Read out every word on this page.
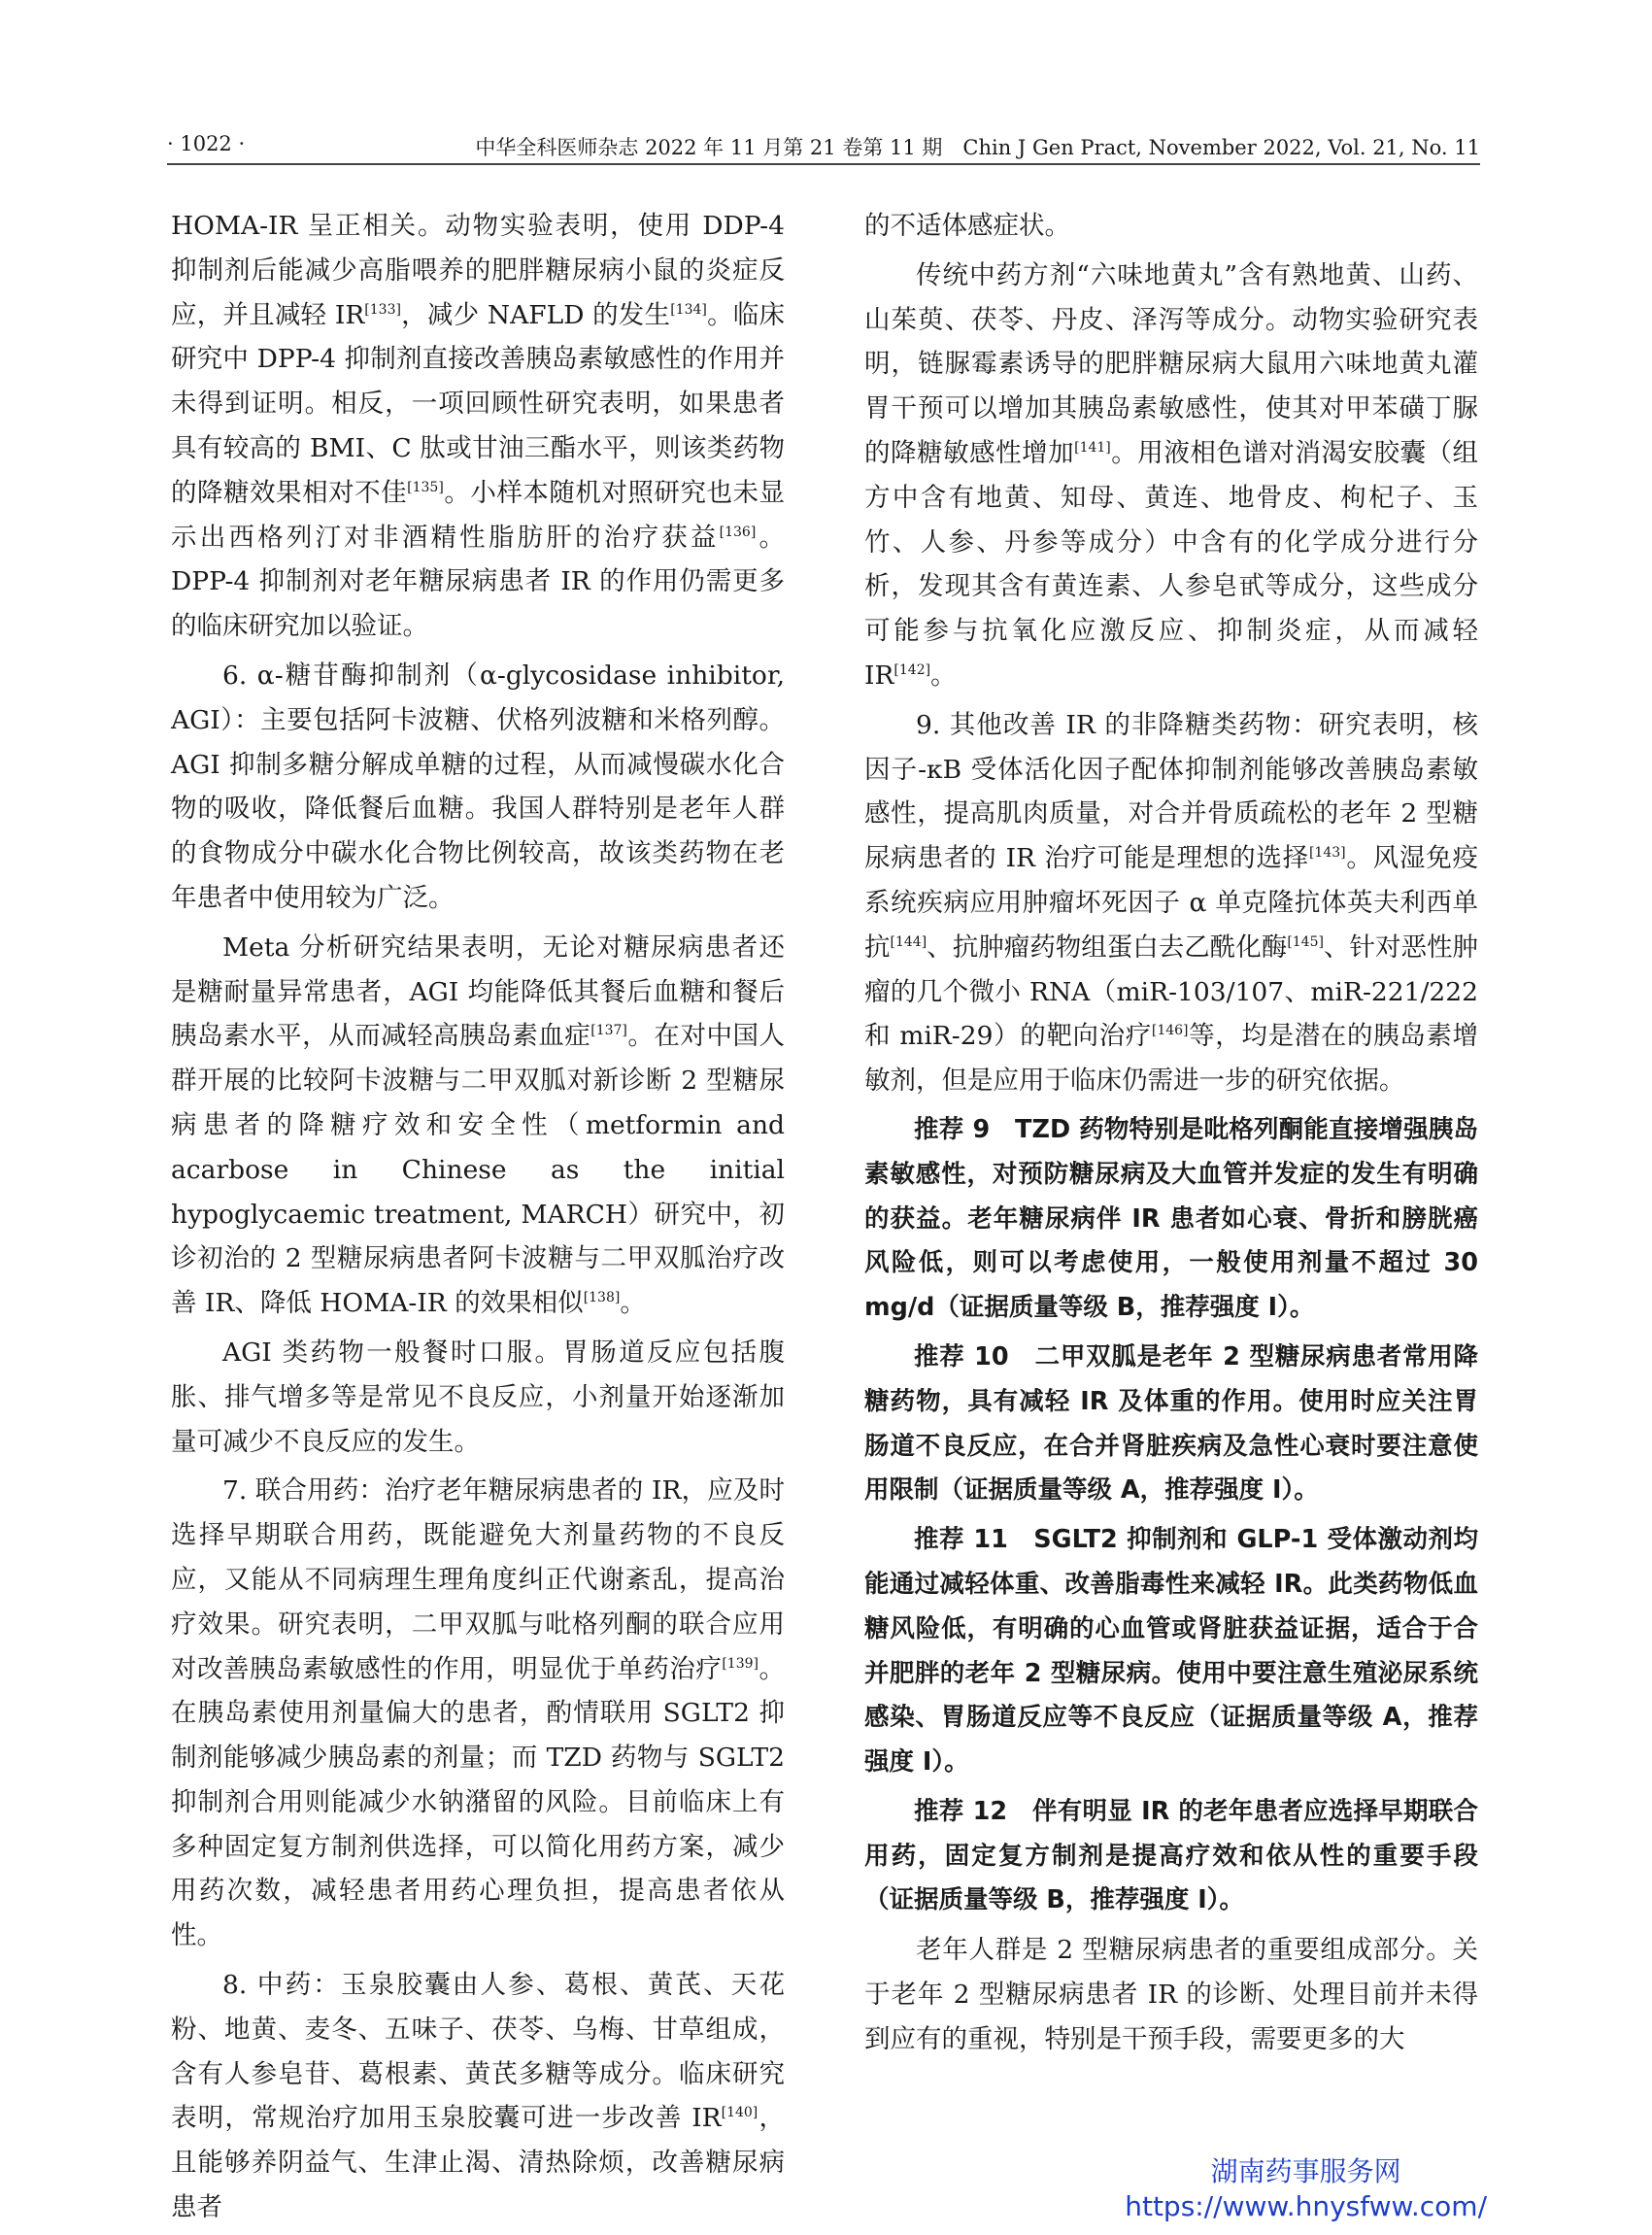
· 1022 ·	中华全科医师杂志 2022 年 11 月第 21 卷第 11 期　Chin J Gen Pract, November 2022, Vol. 21, No. 11

HOMA-IR 呈正相关。动物实验表明，使用 DDP-4 抑制剂后能减少高脂喂养的肥胖糖尿病小鼠的炎症反应，并且减轻 IR[133]，减少 NAFLD 的发生[134]。临床研究中 DPP-4 抑制剂直接改善胰岛素敏感性的作用并未得到证明。相反，一项回顾性研究表明，如果患者具有较高的 BMI、C 肽或甘油三酯水平，则该类药物的降糖效果相对不佳[135]。小样本随机对照研究也未显示出西格列汀对非酒精性脂肪肝的治疗获益[136]。DPP-4 抑制剂对老年糖尿病患者 IR 的作用仍需更多的临床研究加以验证。

6. α-糖苷酶抑制剂（α-glycosidase inhibitor, AGI）：主要包括阿卡波糖、伏格列波糖和米格列醇。AGI 抑制多糖分解成单糖的过程，从而减慢碳水化合物的吸收，降低餐后血糖。我国人群特别是老年人群的食物成分中碳水化合物比例较高，故该类药物在老年患者中使用较为广泛。

Meta 分析研究结果表明，无论对糖尿病患者还是糖耐量异常患者，AGI 均能降低其餐后血糖和餐后胰岛素水平，从而减轻高胰岛素血症[137]。在对中国人群开展的比较阿卡波糖与二甲双胍对新诊断 2 型糖尿病患者的降糖疗效和安全性（metformin and acarbose in Chinese as the initial hypoglycaemic treatment, MARCH）研究中，初诊初治的 2 型糖尿病患者阿卡波糖与二甲双胍治疗改善 IR、降低 HOMA-IR 的效果相似[138]。

AGI 类药物一般餐时口服。胃肠道反应包括腹胀、排气增多等是常见不良反应，小剂量开始逐渐加量可减少不良反应的发生。

7. 联合用药：治疗老年糖尿病患者的 IR，应及时选择早期联合用药，既能避免大剂量药物的不良反应，又能从不同病理生理角度纠正代谢紊乱，提高治疗效果。研究表明，二甲双胍与吡格列酮的联合应用对改善胰岛素敏感性的作用，明显优于单药治疗[139]。在胰岛素使用剂量偏大的患者，酌情联用 SGLT2 抑制剂能够减少胰岛素的剂量；而 TZD 药物与 SGLT2 抑制剂合用则能减少水钠潴留的风险。目前临床上有多种固定复方制剂供选择，可以简化用药方案，减少用药次数，减轻患者用药心理负担，提高患者依从性。

8. 中药：玉泉胶囊由人参、葛根、黄芪、天花粉、地黄、麦冬、五味子、茯苓、乌梅、甘草组成，含有人参皂苷、葛根素、黄芪多糖等成分。临床研究表明，常规治疗加用玉泉胶囊可进一步改善 IR[140]，且能够养阴益气、生津止渴、清热除烦，改善糖尿病患者

的不适体感症状。

传统中药方剂“六味地黄丸”含有熟地黄、山药、山茱萸、茯苓、丹皮、泽泻等成分。动物实验研究表明，链脲霉素诱导的肥胖糖尿病大鼠用六味地黄丸灌胃干预可以增加其胰岛素敏感性，使其对甲苯磺丁脲的降糖敏感性增加[141]。用液相色谱对消渴安胶囊（组方中含有地黄、知母、黄连、地骨皮、枸杞子、玉竹、人参、丹参等成分）中含有的化学成分进行分析，发现其含有黄连素、人参皂甙等成分，这些成分可能参与抗氧化应激反应、抑制炎症，从而减轻 IR[142]。

9. 其他改善 IR 的非降糖类药物：研究表明，核因子-κB 受体活化因子配体抑制剂能够改善胰岛素敏感性，提高肌肉质量，对合并骨质疏松的老年 2 型糖尿病患者的 IR 治疗可能是理想的选择[143]。风湿免疫系统疾病应用肿瘤坏死因子 α 单克隆抗体英夫利西单抗[144]、抗肿瘤药物组蛋白去乙酰化酶[145]、针对恶性肿瘤的几个微小 RNA（miR-103/107、miR-221/222 和 miR-29）的靶向治疗[146]等，均是潜在的胰岛素增敏剂，但是应用于临床仍需进一步的研究依据。

推荐 9　TZD 药物特别是吡格列酮能直接增强胰岛素敏感性，对预防糖尿病及大血管并发症的发生有明确的获益。老年糖尿病伴 IR 患者如心衰、骨折和膀胱癌风险低，则可以考虑使用，一般使用剂量不超过 30 mg/d（证据质量等级 B，推荐强度 Ⅰ）。

推荐 10　二甲双胍是老年 2 型糖尿病患者常用降糖药物，具有减轻 IR 及体重的作用。使用时应关注胃肠道不良反应，在合并肾脏疾病及急性心衰时要注意使用限制（证据质量等级 A，推荐强度 Ⅰ）。

推荐 11　SGLT2 抑制剂和 GLP-1 受体激动剂均能通过减轻体重、改善脂毒性来减轻 IR。此类药物低血糖风险低，有明确的心血管或肾脏获益证据，适合于合并肥胖的老年 2 型糖尿病。使用中要注意生殖泌尿系统感染、胃肠道反应等不良反应（证据质量等级 A，推荐强度 Ⅰ）。

推荐 12　伴有明显 IR 的老年患者应选择早期联合用药，固定复方制剂是提高疗效和依从性的重要手段（证据质量等级 B，推荐强度 Ⅰ）。

老年人群是 2 型糖尿病患者的重要组成部分。关于老年 2 型糖尿病患者 IR 的诊断、处理目前并未得到应有的重视，特别是干预手段，需要更多的大

湖南药事服务网
https://www.hnysfww.com/
